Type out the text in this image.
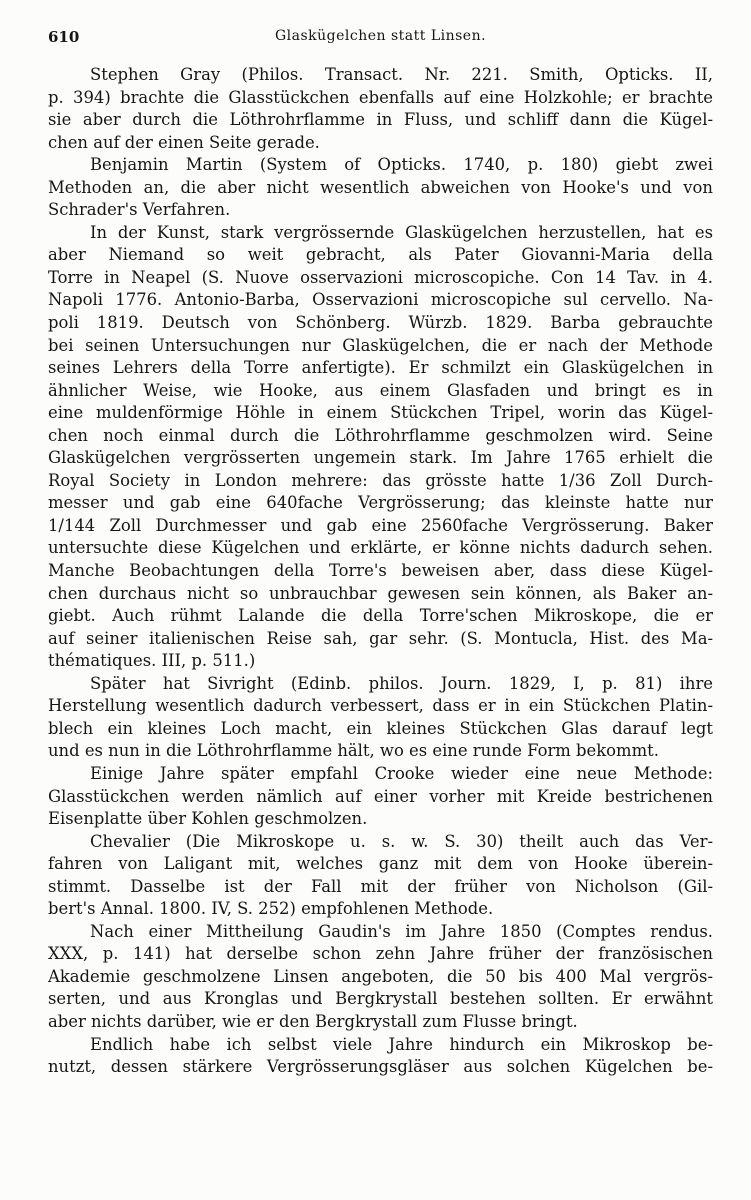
610	Glaskügelchen statt Linsen.
Stephen Gray (Philos. Transact. Nr. 221. Smith, Opticks. II,
p. 394) brachte die Glasstückchen ebenfalls auf eine Holzkohle; er brachte
sie aber durch die Löthrohrflamme in Fluss, und schliff dann die Kügel-
chen auf der einen Seite gerade.
Benjamin Martin (System of Opticks. 1740, p. 180) giebt zwei
Methoden an, die aber nicht wesentlich abweichen von Hooke's und von
Schrader's Verfahren.
In der Kunst, stark vergrössernde Glaskügelchen herzustellen, hat es
aber Niemand so weit gebracht, als Pater Giovanni-Maria della
Torre in Neapel (S. Nuove osservazioni microscopiche. Con 14 Tav. in 4.
Napoli 1776. Antonio-Barba, Osservazioni microscopiche sul cervello. Na-
poli 1819. Deutsch von Schönberg. Würzb. 1829. Barba gebrauchte
bei seinen Untersuchungen nur Glaskügelchen, die er nach der Methode
seines Lehrers della Torre anfertigte). Er schmilzt ein Glaskügelchen in
ähnlicher Weise, wie Hooke, aus einem Glasfaden und bringt es in
eine muldenförmige Höhle in einem Stückchen Tripel, worin das Kügel-
chen noch einmal durch die Löthrohrflamme geschmolzen wird. Seine
Glaskügelchen vergrösserten ungemein stark. Im Jahre 1765 erhielt die
Royal Society in London mehrere: das grösste hatte 1/36 Zoll Durch-
messer und gab eine 640fache Vergrösserung; das kleinste hatte nur
1/144 Zoll Durchmesser und gab eine 2560fache Vergrösserung. Baker
untersuchte diese Kügelchen und erklärte, er könne nichts dadurch sehen.
Manche Beobachtungen della Torre's beweisen aber, dass diese Kügel-
chen durchaus nicht so unbrauchbar gewesen sein können, als Baker an-
giebt. Auch rühmt Lalande die della Torre'schen Mikroskope, die er
auf seiner italienischen Reise sah, gar sehr. (S. Montucla, Hist. des Ma-
thématiques. III, p. 511.)
Später hat Sivright (Edinb. philos. Journ. 1829, I, p. 81) ihre
Herstellung wesentlich dadurch verbessert, dass er in ein Stückchen Platin-
blech ein kleines Loch macht, ein kleines Stückchen Glas darauf legt
und es nun in die Löthrohrflamme hält, wo es eine runde Form bekommt.
Einige Jahre später empfahl Crooke wieder eine neue Methode:
Glasstückchen werden nämlich auf einer vorher mit Kreide bestrichenen
Eisenplatte über Kohlen geschmolzen.
Chevalier (Die Mikroskope u. s. w. S. 30) theilt auch das Ver-
fahren von Laligant mit, welches ganz mit dem von Hooke überein-
stimmt. Dasselbe ist der Fall mit der früher von Nicholson (Gil-
bert's Annal. 1800. IV, S. 252) empfohlenen Methode.
Nach einer Mittheilung Gaudin's im Jahre 1850 (Comptes rendus.
XXX, p. 141) hat derselbe schon zehn Jahre früher der französischen
Akademie geschmolzene Linsen angeboten, die 50 bis 400 Mal vergrös-
serten, und aus Kronglas und Bergkrystall bestehen sollten. Er erwähnt
aber nichts darüber, wie er den Bergkrystall zum Flusse bringt.
Endlich habe ich selbst viele Jahre hindurch ein Mikroskop be-
nutzt, dessen stärkere Vergrösserungsgläser aus solchen Kügelchen be-
